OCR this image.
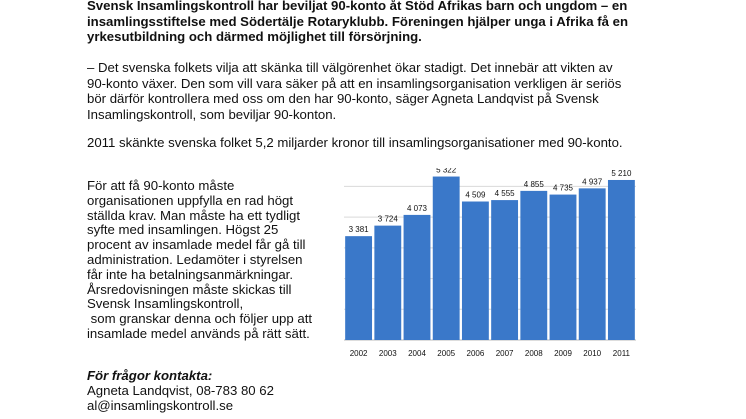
Svensk Insamlingskontroll har beviljat 90-konto åt Stöd Afrikas barn och ungdom – en insamlingsstiftelse med Södertälje Rotaryklubb. Föreningen hjälper unga i Afrika få en yrkesutbildning och därmed möjlighet till försörjning.

– Det svenska folkets vilja att skänka till välgörenhet ökar stadigt. Det innebär att vikten av 90-konto växer. Den som vill vara säker på att en insamlingsorganisation verkligen är seriös bör därför kontrollera med oss om den har 90-konto, säger Agneta Landqvist på Svensk Insamlingskontroll, som beviljar 90-konton.

2011 skänkte svenska folket 5,2 miljarder kronor till insamlingsorganisationer med 90-konto.

För att få 90-konto måste
organisationen uppfylla en rad högt
ställda krav. Man måste ha ett tydligt
syfte med insamlingen. Högst 25
procent av insamlade medel får gå till
administration. Ledamöter i styrelsen
får inte ha betalningsanmärkningar.
Årsredovisningen måste skickas till
Svensk Insamlingskontroll,
som granskar denna och följer upp att
insamlade medel används på rätt sätt.
3 381
3 724
4 073
5 322
4 509 4 555
4 855 4 735
4 937
5 210
2002 2003 2004 2005 2006 2007 2008 2009 2010 2011
För frågor kontakta:
Agneta Landqvist, 08-783 80 62
al@insamlingskontroll.se
